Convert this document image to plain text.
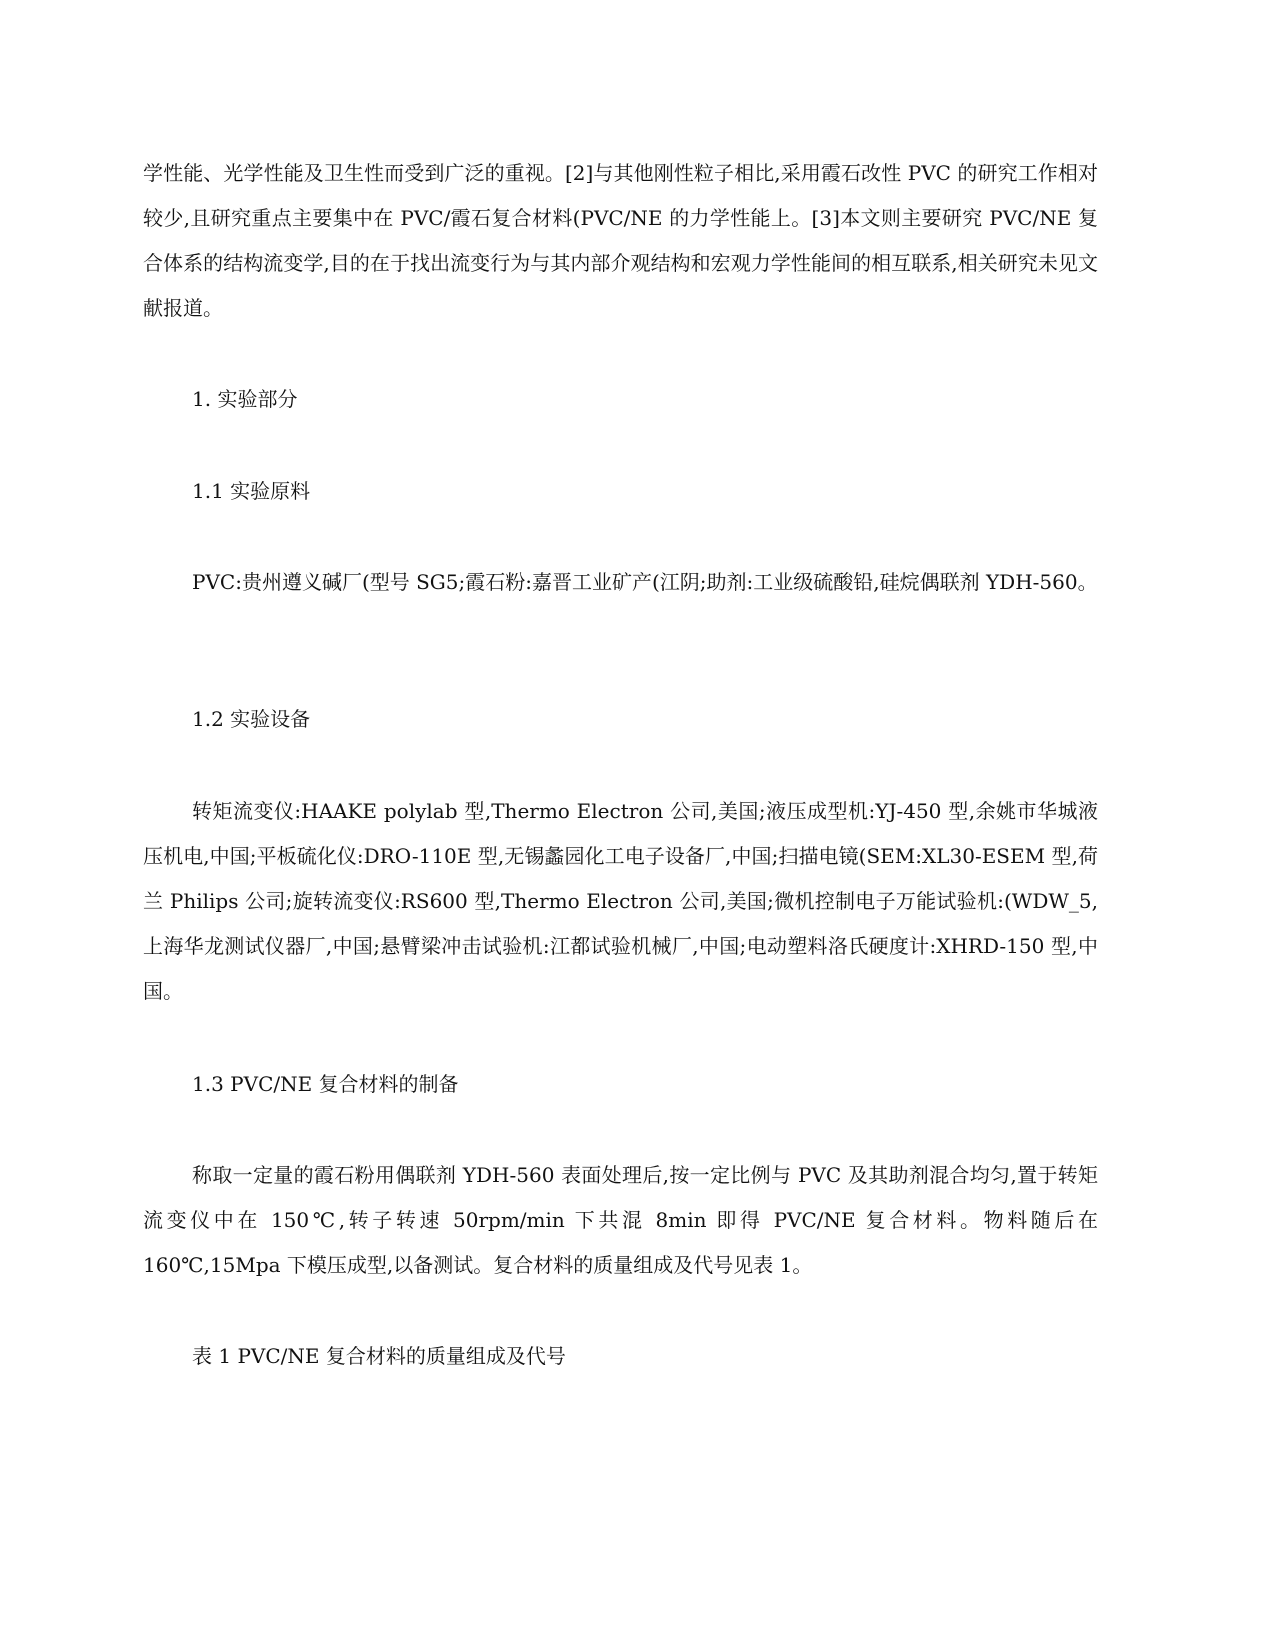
学性能、光学性能及卫生性而受到广泛的重视。[2]与其他刚性粒子相比,采用霞石改性 PVC 的研究工作相对较少,且研究重点主要集中在 PVC/霞石复合材料(PVC/NE 的力学性能上。[3]本文则主要研究 PVC/NE 复合体系的结构流变学,目的在于找出流变行为与其内部介观结构和宏观力学性能间的相互联系,相关研究未见文献报道。

1. 实验部分

1.1 实验原料

PVC:贵州遵义碱厂(型号 SG5;霞石粉:嘉晋工业矿产(江阴;助剂:工业级硫酸铅,硅烷偶联剂 YDH-560。

1.2 实验设备

转矩流变仪:HAAKE polylab 型,Thermo Electron 公司,美国;液压成型机:YJ-450 型,余姚市华城液压机电,中国;平板硫化仪:DRO-110E 型,无锡蠡园化工电子设备厂,中国;扫描电镜(SEM:XL30-ESEM 型,荷兰 Philips 公司;旋转流变仪:RS600 型,Thermo Electron 公司,美国;微机控制电子万能试验机:(WDW_5,上海华龙测试仪器厂,中国;悬臂梁冲击试验机:江都试验机械厂,中国;电动塑料洛氏硬度计:XHRD-150 型,中国。

1.3 PVC/NE 复合材料的制备

称取一定量的霞石粉用偶联剂 YDH-560 表面处理后,按一定比例与 PVC 及其助剂混合均匀,置于转矩流变仪中在 150℃,转子转速 50rpm/min 下共混 8min 即得 PVC/NE 复合材料。物料随后在 160℃,15Mpa 下模压成型,以备测试。复合材料的质量组成及代号见表 1。

表 1 PVC/NE 复合材料的质量组成及代号
